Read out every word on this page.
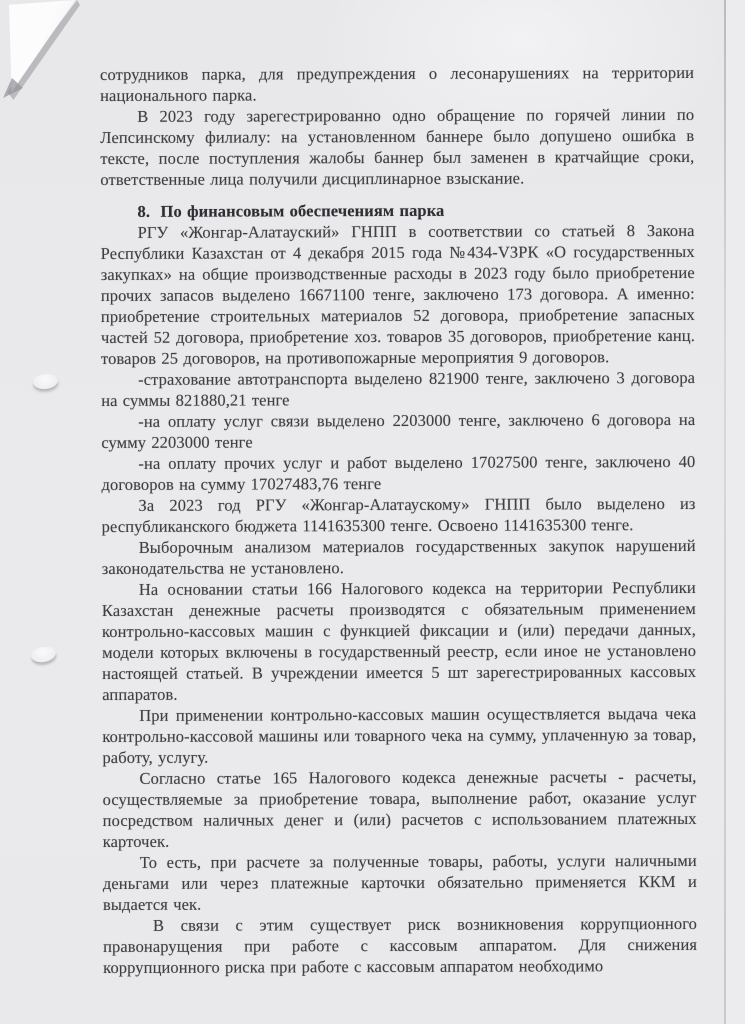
сотрудников парка, для предупреждения о лесонарушениях на территории национального парка.

В 2023 году зарегестрированно одно обращение по горячей линии по Лепсинскому филиалу: на установленном баннере было допушено ошибка в тексте, после поступления жалобы баннер был заменен в кратчайщие сроки, ответственные лица получили дисциплинарное взыскание.

8.  По финансовым обеспечениям парка

РГУ «Жонгар-Алатауский» ГНПП в соответствии со статьей 8 Закона Республики Казахстан от 4 декабря 2015 года №434-VЗРК «О государственных закупках» на общие производственные расходы в 2023 году было приобретение прочих запасов выделено 16671100 тенге, заключено 173 договора. А именно: приобретение строительных материалов 52 договора, приобретение запасных частей 52 договора, приобретение хоз. товаров 35 договоров, приобретение канц. товаров 25 договоров, на противопожарные мероприятия 9 договоров.

-страхование автотранспорта выделено 821900 тенге, заключено 3 договора на суммы 821880,21 тенге

-на оплату услуг связи выделено 2203000 тенге, заключено 6 договора на сумму 2203000 тенге

-на оплату прочих услуг и работ выделено 17027500 тенге, заключено 40 договоров на сумму 17027483,76 тенге

За 2023 год РГУ «Жонгар-Алатаускому» ГНПП было выделено из республиканского бюджета 1141635300 тенге. Освоено 1141635300 тенге.

Выборочным анализом материалов государственных закупок нарушений законодательства не установлено.

На основании статьи 166 Налогового кодекса на территории Республики Казахстан денежные расчеты производятся с обязательным применением контрольно-кассовых машин с функцией фиксации и (или) передачи данных, модели которых включены в государственный реестр, если иное не установлено настоящей статьей. В учреждении имеется 5 шт зарегестрированных кассовых аппаратов.

При применении контрольно-кассовых машин осуществляется выдача чека контрольно-кассовой машины или товарного чека на сумму, уплаченную за товар, работу, услугу.

Согласно статье 165 Налогового кодекса денежные расчеты - расчеты, осуществляемые за приобретение товара, выполнение работ, оказание услуг посредством наличных денег и (или) расчетов с использованием платежных карточек.

То есть, при расчете за полученные товары, работы, услуги наличными деньгами или через платежные карточки обязательно применяется ККМ и выдается чек.

В связи с этим существует риск возникновения коррупционного правонарущения при работе с кассовым аппаратом. Для снижения коррупционного риска при работе с кассовым аппаратом необходимо
